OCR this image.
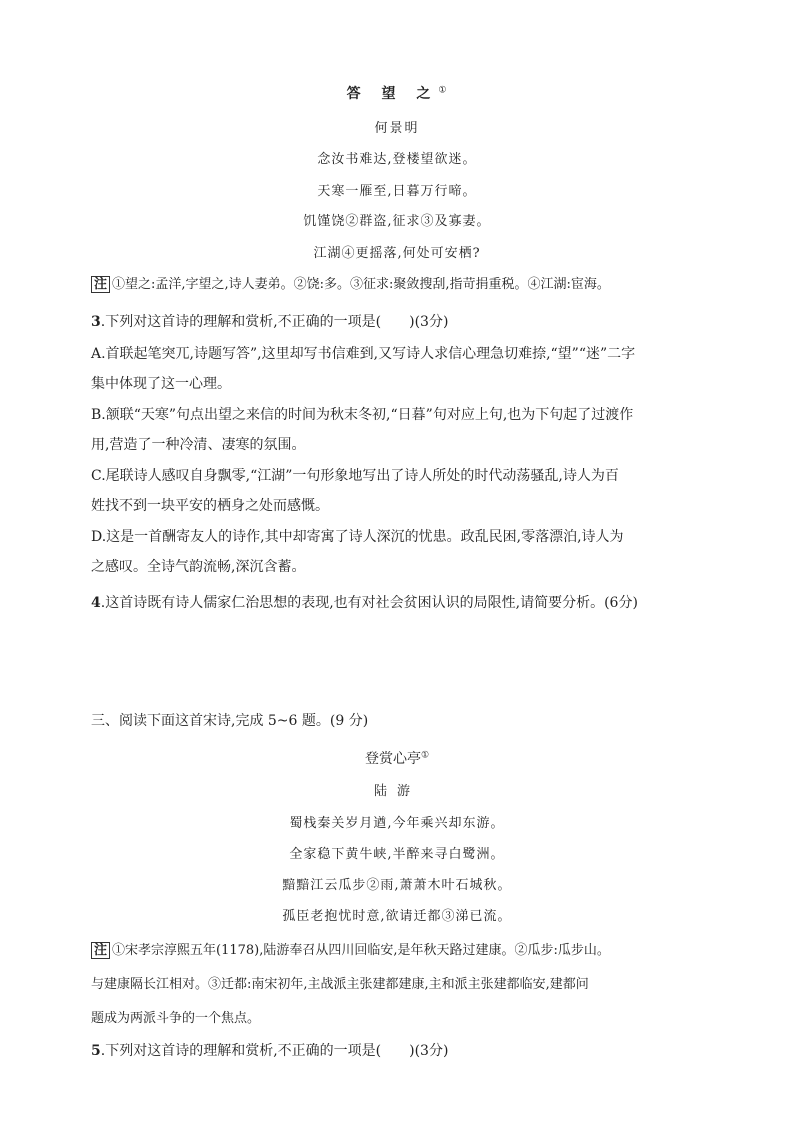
答 望 之①
何景明
念汝书难达,登楼望欲迷。
天寒一雁至,日暮万行啼。
饥馑饶②群盗,征求③及寡妻。
江湖④更摇落,何处可安栖?
注 ①望之:孟洋,字望之,诗人妻弟。②饶:多。③征求:聚敛搜刮,指苛捐重税。④江湖:宦海。
3.下列对这首诗的理解和赏析,不正确的一项是(　　)(3分)
A.首联起笔突兀,诗题写答”,这里却写书信难到,又写诗人求信心理急切难捺,“望”“迷”二字
集中体现了这一心理。
B.颔联“天寒”句点出望之来信的时间为秋末冬初,“日暮”句对应上句,也为下句起了过渡作
用,营造了一种冷清、凄寒的氛围。
C.尾联诗人感叹自身飘零,“江湖”一句形象地写出了诗人所处的时代动荡骚乱,诗人为百
姓找不到一块平安的栖身之处而感慨。
D.这是一首酬寄友人的诗作,其中却寄寓了诗人深沉的忧患。政乱民困,零落漂泊,诗人为
之感叹。全诗气韵流畅,深沉含蓄。
4.这首诗既有诗人儒家仁治思想的表现,也有对社会贫困认识的局限性,请简要分析。(6分)
三、阅读下面这首宋诗,完成 5~6 题。(9 分)
登赏心亭①
陆游
蜀栈秦关岁月遒,今年乘兴却东游。
全家稳下黄牛峡,半醉来寻白鹭洲。
黯黯江云瓜步②雨,萧萧木叶石城秋。
孤臣老抱忧时意,欲请迁都③涕已流。
注 ①宋孝宗淳熙五年(1178),陆游奉召从四川回临安,是年秋天路过建康。②瓜步:瓜步山。
与建康隔长江相对。③迁都:南宋初年,主战派主张建都建康,主和派主张建都临安,建都问
题成为两派斗争的一个焦点。
5.下列对这首诗的理解和赏析,不正确的一项是(　　)(3分)
